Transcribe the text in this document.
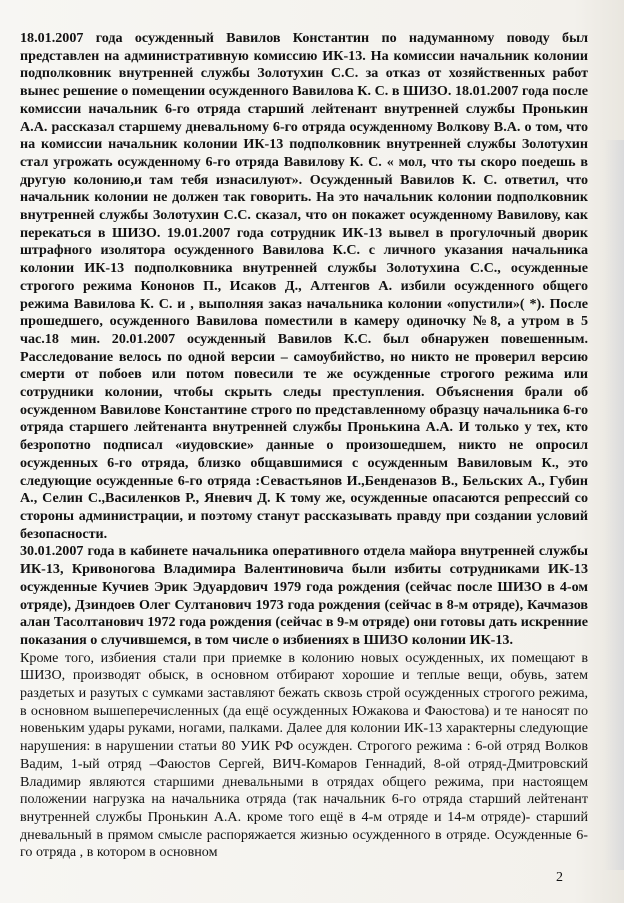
18.01.2007 года осужденный Вавилов Константин по надуманному поводу был представлен на административную комиссию ИК-13. На комиссии начальник колонии подполковник внутренней службы Золотухин С.С. за отказ от хозяйственных работ вынес решение о помещении осужденного Вавилова К. С. в ШИЗО. 18.01.2007 года после комиссии начальник 6-го отряда старший лейтенант внутренней службы Пронькин А.А. рассказал старшему дневальному 6-го отряда осужденному Волкову В.А. о том, что на комиссии начальник колонии ИК-13 подполковник внутренней службы Золотухин стал угрожать осужденному 6-го отряда Вавилову К. С. « мол, что ты скоро поедешь в другую колонию,и там тебя изнасилуют». Осужденный Вавилов К. С. ответил, что начальник колонии не должен так говорить. На это начальник колонии подполковник внутренней службы Золотухин С.С. сказал, что он покажет осужденному Вавилову, как перекаться в ШИЗО. 19.01.2007 года сотрудник ИК-13 вывел в прогулочный дворик штрафного изолятора осужденного Вавилова К.С. с личного указания начальника колонии ИК-13 подполковника внутренней службы Золотухина С.С., осужденные строгого режима Кононов П., Исаков Д., Алтенгов А. избили осужденного общего режима Вавилова К. С. и , выполняя заказ начальника колонии «опустили»( *). После прошедшего, осужденного Вавилова поместили в камеру одиночку №8, а утром в 5 час.18 мин. 20.01.2007 осужденный Вавилов К.С. был обнаружен повешенным. Расследование велось по одной версии – самоубийство, но никто не проверил версию смерти от побоев или потом повесили те же осужденные строгого режима или сотрудники колонии, чтобы скрыть следы преступления. Объяснения брали об осужденном Вавилове Константине строго по представленному образцу начальника 6-го отряда старшего лейтенанта внутренней службы Пронькина А.А. И только у тех, кто безропотно подписал «иудовские» данные о произошедшем, никто не опросил осужденных 6-го отряда, близко общавшимися с осужденным Вавиловым К., это следующие осужденные 6-го отряда :Севастьянов И.,Бенденазов В., Бельских А., Губин А., Селин С.,Василенков Р., Яневич Д. К тому же, осужденные опасаются репрессий со стороны администрации, и поэтому станут рассказывать правду при создании условий безопасности.

30.01.2007 года в кабинете начальника оперативного отдела майора внутренней службы ИК-13, Кривоногова Владимира Валентиновича были избиты сотрудниками ИК-13 осужденные Кучиев Эрик Эдуардович 1979 года рождения (сейчас после ШИЗО в 4-ом отряде), Дзиндоев Олег Султанович 1973 года рождения (сейчас в 8-м отряде), Качмазов алан Тасолтанович 1972 года рождения (сейчас в 9-м отряде) они готовы дать искренние показания о случившемся, в том числе о избиениях в ШИЗО колонии ИК-13.

Кроме того, избиения стали при приемке в колонию новых осужденных, их помещают в ШИЗО, производят обыск, в основном отбирают хорошие и теплые вещи, обувь, затем раздетых и разутых с сумками заставляют бежать сквозь строй осужденных строгого режима, в основном вышеперечисленных (да ещё осужденных Южакова и Фаюстова) и те наносят по новеньким удары руками, ногами, палками. Далее для колонии ИК-13 характерны следующие нарушения: в нарушении статьи 80 УИК РФ осужден. Строгого режима : 6-ой отряд Волков Вадим, 1-ый отряд –Фаюстов Сергей, ВИЧ-Комаров Геннадий, 8-ой отряд-Дмитровский Владимир являются старшими дневальными в отрядах общего режима, при настоящем положении нагрузка на начальника отряда (так начальник 6-го отряда старший лейтенант внутренней службы Пронькин А.А. кроме того ещё в 4-м отряде и 14-м отряде)- старший дневальный в прямом смысле распоряжается жизнью осужденного в отряде. Осужденные 6-го отряда , в котором в основном

2
